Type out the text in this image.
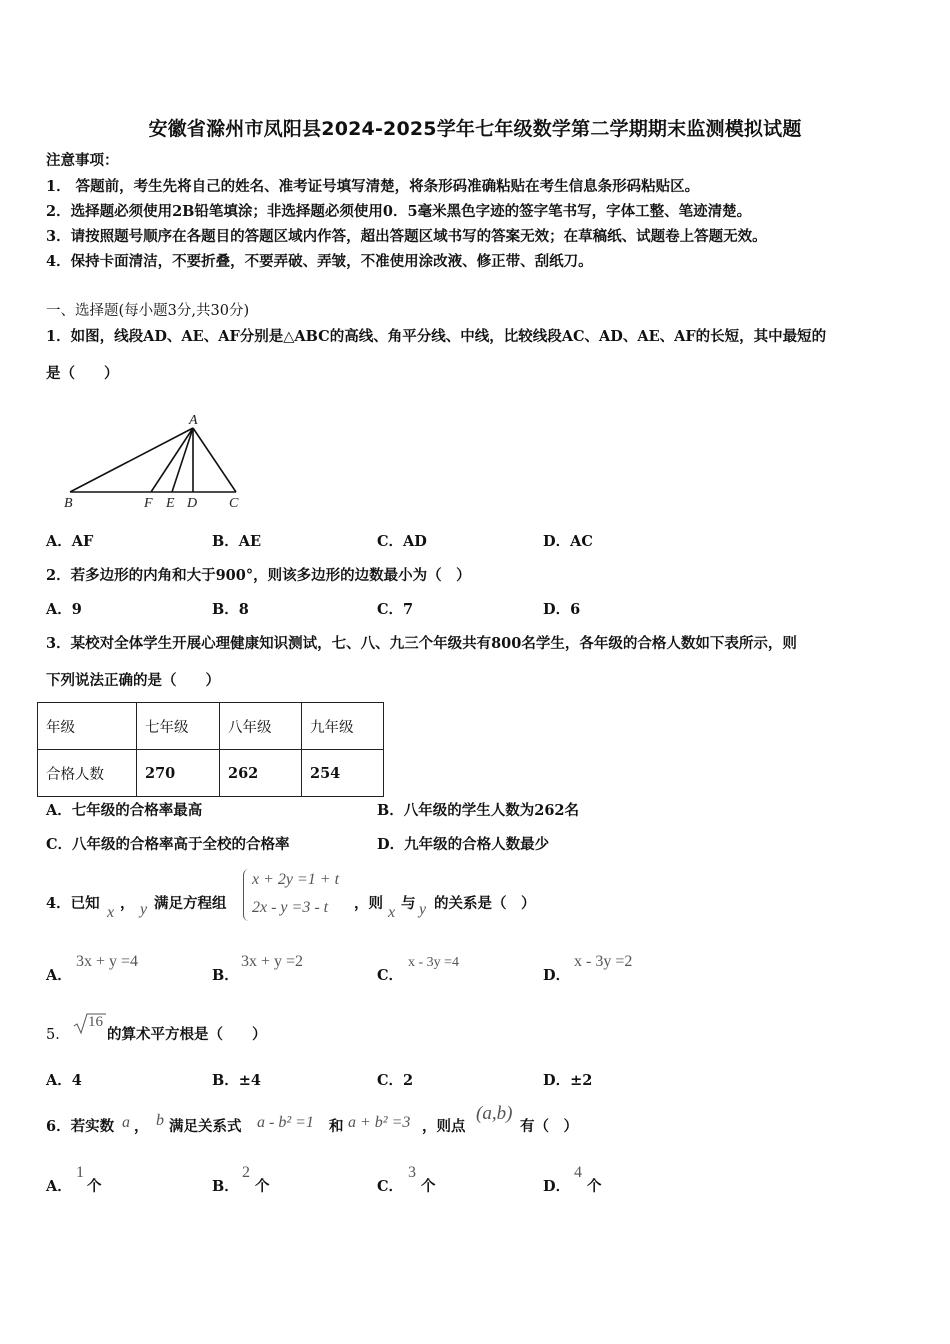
安徽省滁州市凤阳县2024-2025学年七年级数学第二学期期末监测模拟试题
注意事项：
1． 答题前，考生先将自己的姓名、准考证号填写清楚，将条形码准确粘贴在考生信息条形码粘贴区。
2．选择题必须使用2B铅笔填涂；非选择题必须使用0．5毫米黑色字迹的签字笔书写，字体工整、笔迹清楚。
3．请按照题号顺序在各题目的答题区域内作答，超出答题区域书写的答案无效；在草稿纸、试题卷上答题无效。
4．保持卡面清洁，不要折叠，不要弄破、弄皱，不准使用涂改液、修正带、刮纸刀。
一、选择题(每小题3分,共30分)
1．如图，线段AD、AE、AF分别是△ABC的高线、角平分线、中线，比较线段AC、AD、AE、AF的长短，其中最短的
是（　　）
A
B	F E D C
A．AF	B．AE	C．AD	D．AC
2．若多边形的内角和大于900°，则该多边形的边数最小为（　）
A．9	B．8	C．7	D．6
3．某校对全体学生开展心理健康知识测试，七、八、九三个年级共有800名学生，各年级的合格人数如下表所示，则
下列说法正确的是（　　）
年级	七年级	八年级	九年级
合格人数	270	262	254
A．七年级的合格率最高	B．八年级的学生人数为262名
C．八年级的合格率高于全校的合格率	D．九年级的合格人数最少
4．已知
x
， y 满足方程组
x + 2y =1 + t
2x - y =3 - t ，则
x
与 y 的关系是（　）
A．
3x + y =4
B．
3x + y =2
C．
x - 3y =4
D．
x - 3y =2
5．
16
的算术平方根是（　　）
A．4	B．±4	C．2	D．±2
6．若实数 a ， b 满足关系式 a - b² =1 和 a + b² =3 ，则点
(a,b)
有（　）
A．
1
个	B．
2
个	C．
3
个	D．
4
个
